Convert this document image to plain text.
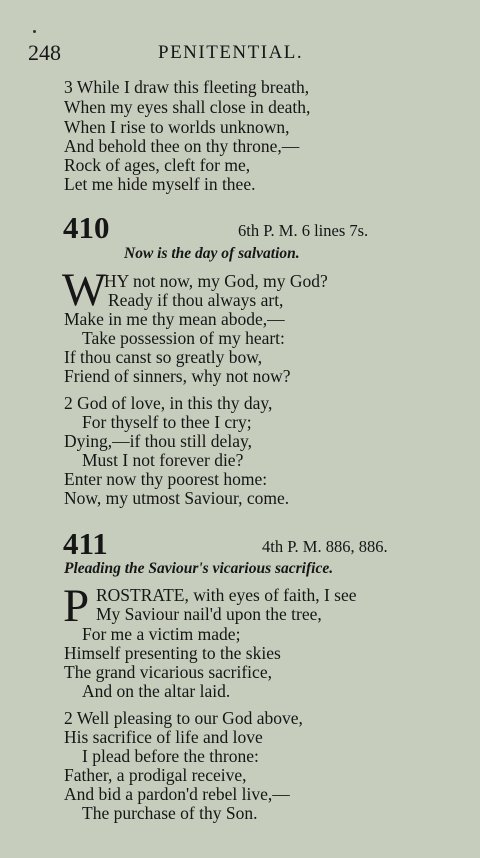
248	PENITENTIAL.
3 While I draw this fleeting breath,
When my eyes shall close in death,
When I rise to worlds unknown,
And behold thee on thy throne,—
Rock of ages, cleft for me,
Let me hide myself in thee.
410	6th P. M. 6 lines 7s.
Now is the day of salvation.
W
HY not now, my God, my God?
Ready if thou always art,
Make in me thy mean abode,—
Take possession of my heart:
If thou canst so greatly bow,
Friend of sinners, why not now?
2 God of love, in this thy day,
For thyself to thee I cry;
Dying,—if thou still delay,
Must I not forever die?
Enter now thy poorest home:
Now, my utmost Saviour, come.
411	4th P. M. 886, 886.
Pleading the Saviour's vicarious sacrifice.
P ROSTRATE, with eyes of faith, I see
My Saviour nail'd upon the tree,
For me a victim made;
Himself presenting to the skies
The grand vicarious sacrifice,
And on the altar laid.
2 Well pleasing to our God above,
His sacrifice of life and love
I plead before the throne:
Father, a prodigal receive,
And bid a pardon'd rebel live,—
The purchase of thy Son.
